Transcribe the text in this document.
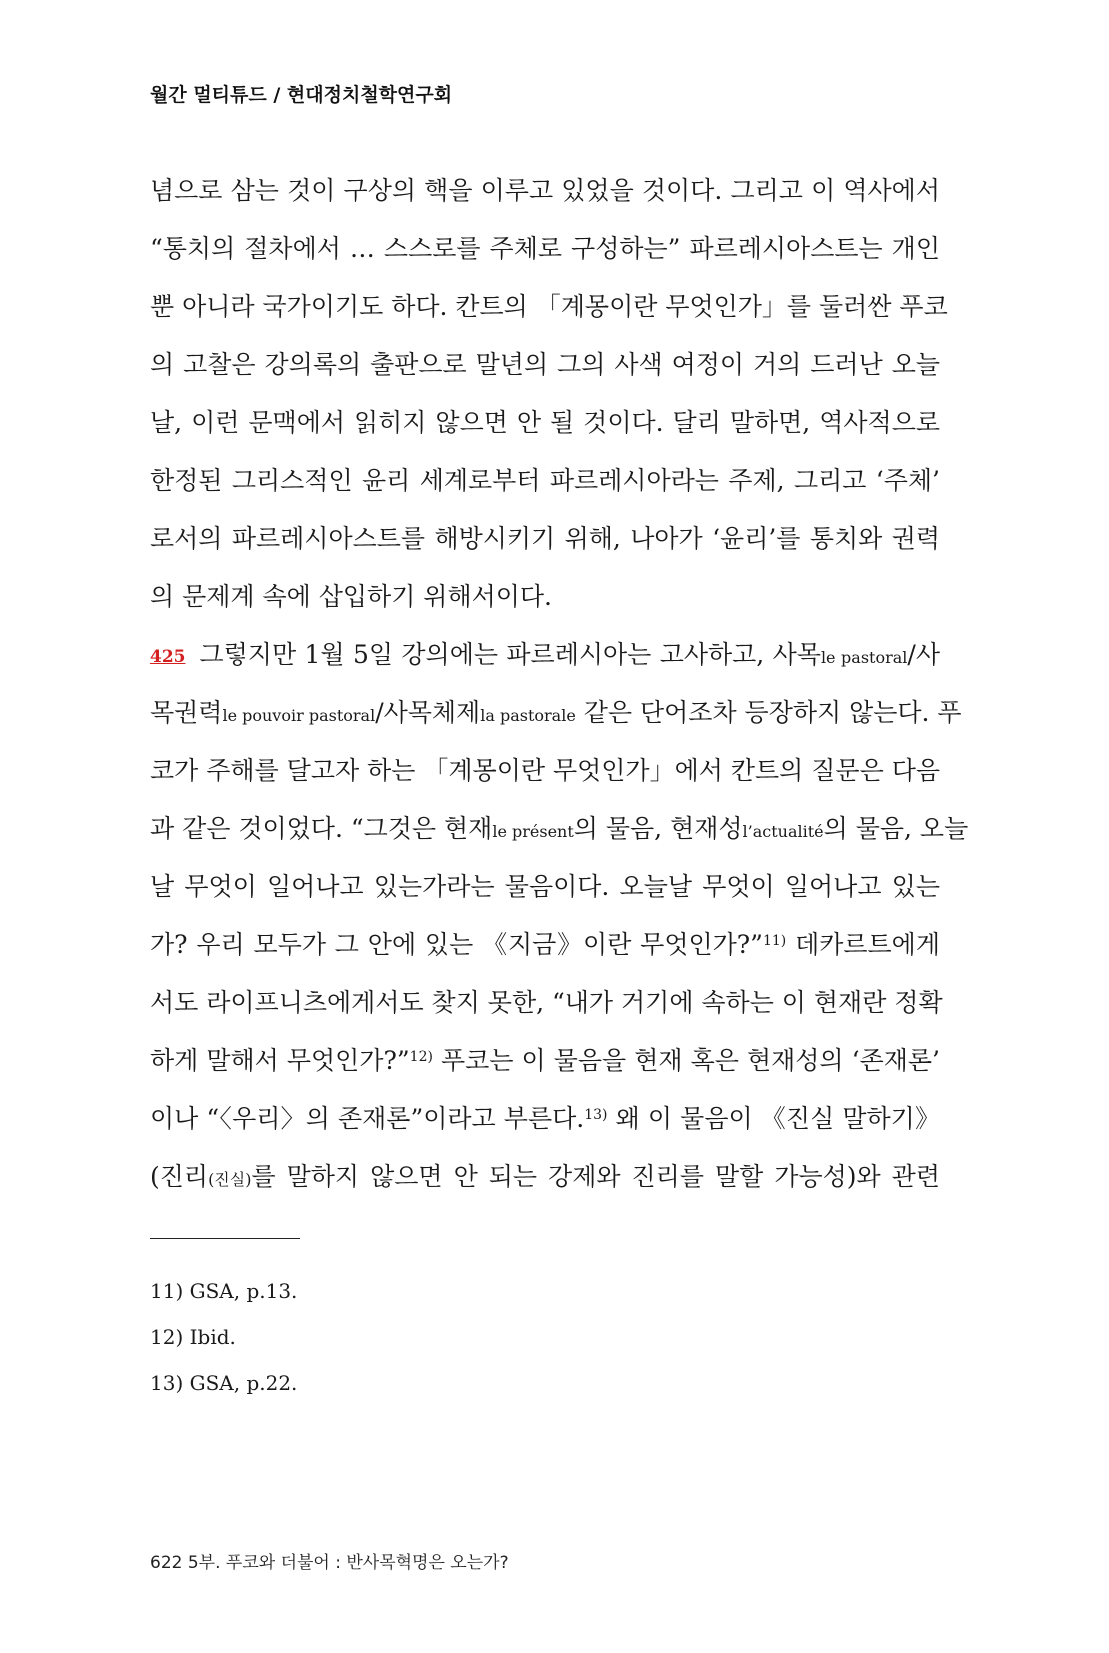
월간 멀티튜드 / 현대정치철학연구회
념으로 삼는 것이 구상의 핵을 이루고 있었을 것이다. 그리고 이 역사에서
“통치의 절차에서 … 스스로를 주체로 구성하는” 파르레시아스트는 개인
뿐 아니라 국가이기도 하다. 칸트의 「계몽이란 무엇인가」를 둘러싼 푸코
의 고찰은 강의록의 출판으로 말년의 그의 사색 여정이 거의 드러난 오늘
날, 이런 문맥에서 읽히지 않으면 안 될 것이다. 달리 말하면, 역사적으로
한정된 그리스적인 윤리 세계로부터 파르레시아라는 주제, 그리고 ‘주체’
로서의 파르레시아스트를 해방시키기 위해, 나아가 ‘윤리’를 통치와 권력
의 문제계 속에 삽입하기 위해서이다.
425 그렇지만 1월 5일 강의에는 파르레시아는 고사하고, 사목le pastoral/사
목권력le pouvoir pastoral/사목체제la pastorale 같은 단어조차 등장하지 않는다. 푸
코가 주해를 달고자 하는 「계몽이란 무엇인가」에서 칸트의 질문은 다음
과 같은 것이었다. “그것은 현재le présent의 물음, 현재성l’actualité의 물음, 오늘
날 무엇이 일어나고 있는가라는 물음이다. 오늘날 무엇이 일어나고 있는
가? 우리 모두가 그 안에 있는 《지금》이란 무엇인가?”$^{11)}$ 데카르트에게
서도 라이프니츠에게서도 찾지 못한, “내가 거기에 속하는 이 현재란 정확
하게 말해서 무엇인가?”$^{12)}$ 푸코는 이 물음을 현재 혹은 현재성의 ‘존재론’
이나 “〈우리〉의 존재론”이라고 부른다.$^{13)}$ 왜 이 물음이 《진실 말하기》
(진리(진실)를 말하지 않으면 안 되는 강제와 진리를 말할 가능성)와 관련
11) GSA, p.13.
12) Ibid.
13) GSA, p.22.
622 5부. 푸코와 더불어 : 반사목혁명은 오는가?
